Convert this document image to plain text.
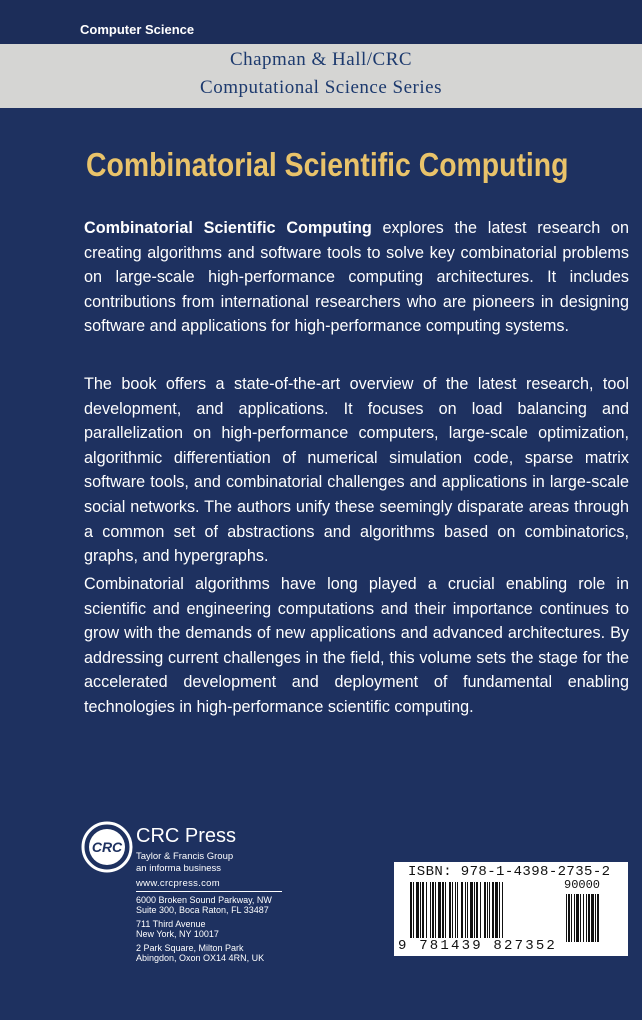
Computer Science
Chapman & Hall/CRC
Computational Science Series
Combinatorial Scientific Computing

Combinatorial Scientific Computing explores the latest research on creating algorithms and software tools to solve key combinatorial problems on large-scale high-performance computing architectures. It includes contributions from international researchers who are pioneers in designing software and applications for high-performance computing systems.

The book offers a state-of-the-art overview of the latest research, tool development, and applications. It focuses on load balancing and parallelization on high-performance computers, large-scale optimization, algorithmic differentiation of numerical simulation code, sparse matrix software tools, and combinatorial challenges and applications in large-scale social networks. The authors unify these seemingly disparate areas through a common set of abstractions and algorithms based on combinatorics, graphs, and hypergraphs.

Combinatorial algorithms have long played a crucial enabling role in scientific and engineering computations and their importance continues to grow with the demands of new applications and advanced architectures. By addressing current challenges in the field, this volume sets the stage for the accelerated development and deployment of fundamental enabling technologies in high-performance scientific computing.

CRC CRC Press
Taylor & Francis Group
an informa business
www.crcpress.com
6000 Broken Sound Parkway, NW
Suite 300, Boca Raton, FL 33487
711 Third Avenue
New York, NY 10017
2 Park Square, Milton Park
Abingdon, Oxon OX14 4RN, UK
ISBN: 978-1-4398-2735-2
90000
9 781439 827352
